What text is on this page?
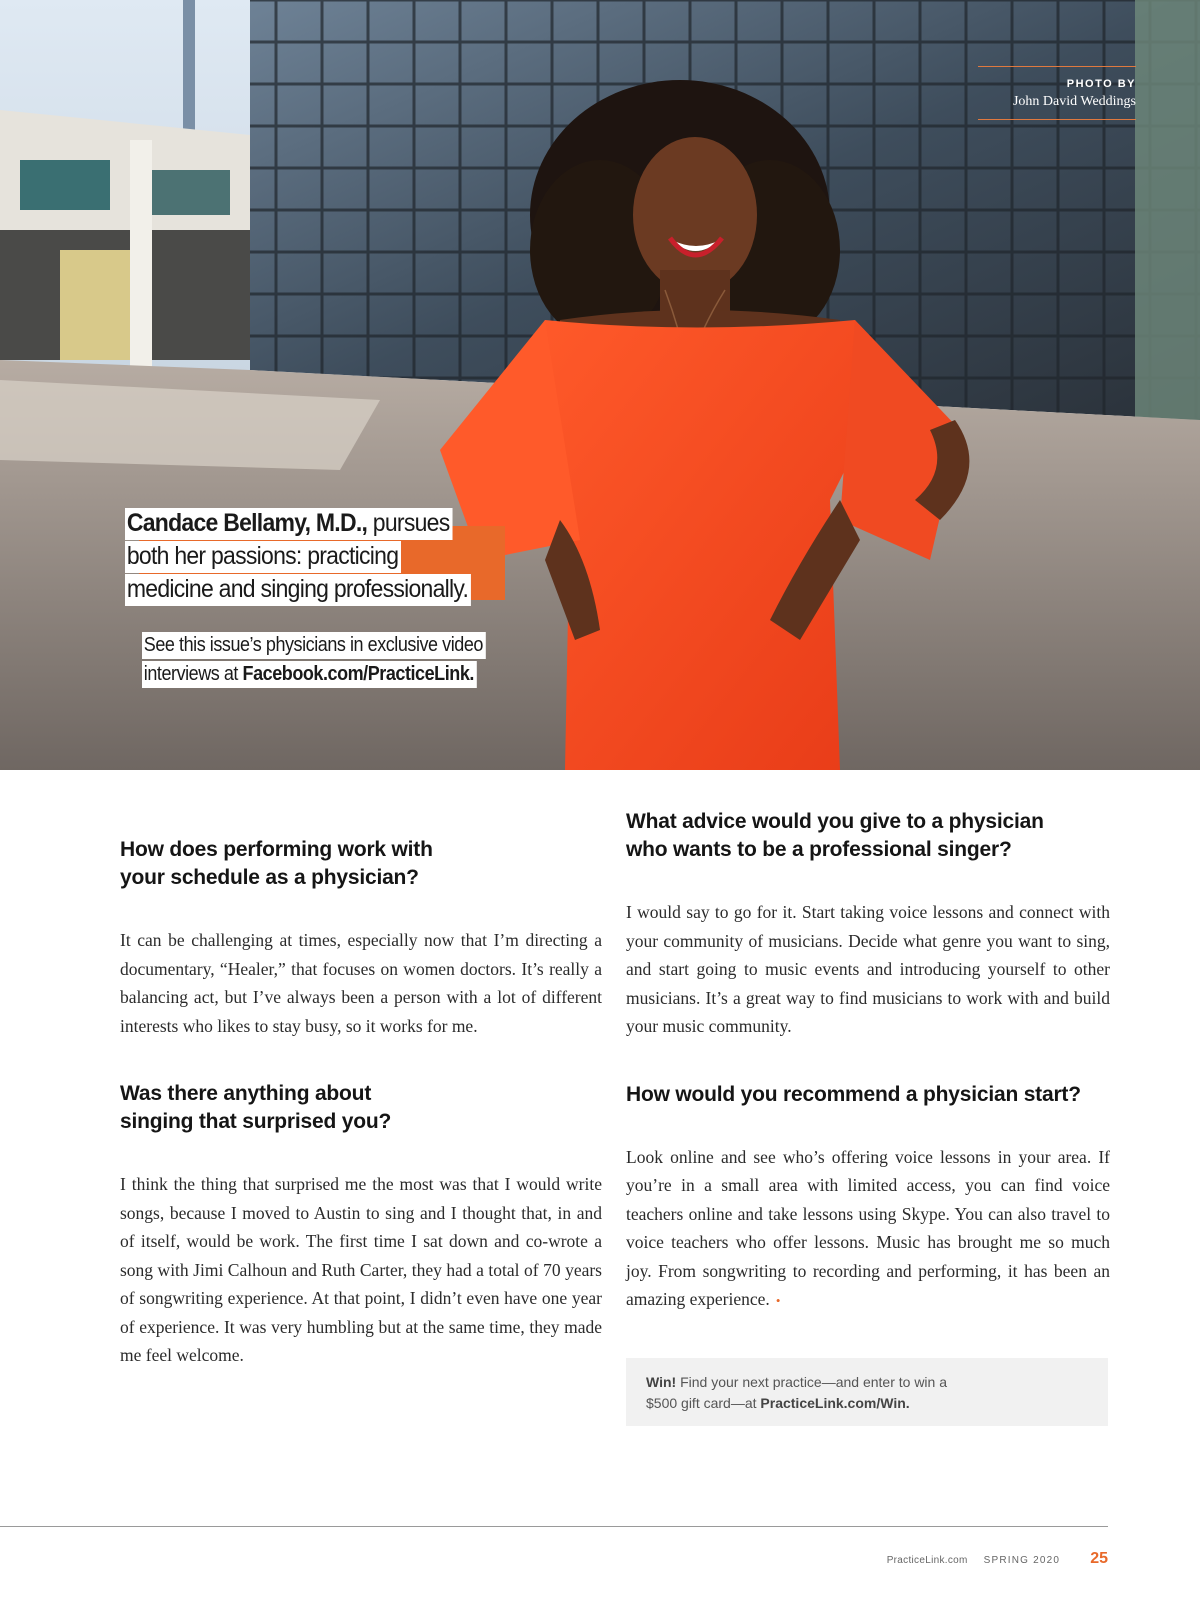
PHOTO BY
John David Weddings
Candace Bellamy, M.D., pursues
both her passions: practicing
medicine and singing professionally.
See this issue’s physicians in exclusive video
interviews at Facebook.com/PracticeLink.
How does performing work with your schedule as a physician?

It can be challenging at times, especially now that I’m directing a documentary, “Healer,” that focuses on women doctors. It’s really a balancing act, but I’ve always been a person with a lot of different interests who likes to stay busy, so it works for me.

Was there anything about singing that surprised you?

I think the thing that surprised me the most was that I would write songs, because I moved to Austin to sing and I thought that, in and of itself, would be work. The first time I sat down and co-wrote a song with Jimi Calhoun and Ruth Carter, they had a total of 70 years of songwriting experience. At that point, I didn’t even have one year of experience. It was very humbling but at the same time, they made me feel welcome.

What advice would you give to a physician who wants to be a professional singer?

I would say to go for it. Start taking voice lessons and connect with your community of musicians. Decide what genre you want to sing, and start going to music events and introducing yourself to other musicians. It’s a great way to find musicians to work with and build your music community.

How would you recommend a physician start?

Look online and see who’s offering voice lessons in your area. If you’re in a small area with limited access, you can find voice teachers online and take lessons using Skype. You can also travel to voice teachers who offer lessons. Music has brought me so much joy. From songwriting to recording and performing, it has been an amazing experience. •

Win! Find your next practice—and enter to win a
$500 gift card—at PracticeLink.com/Win.
PracticeLink.com SPRING 2020 25
